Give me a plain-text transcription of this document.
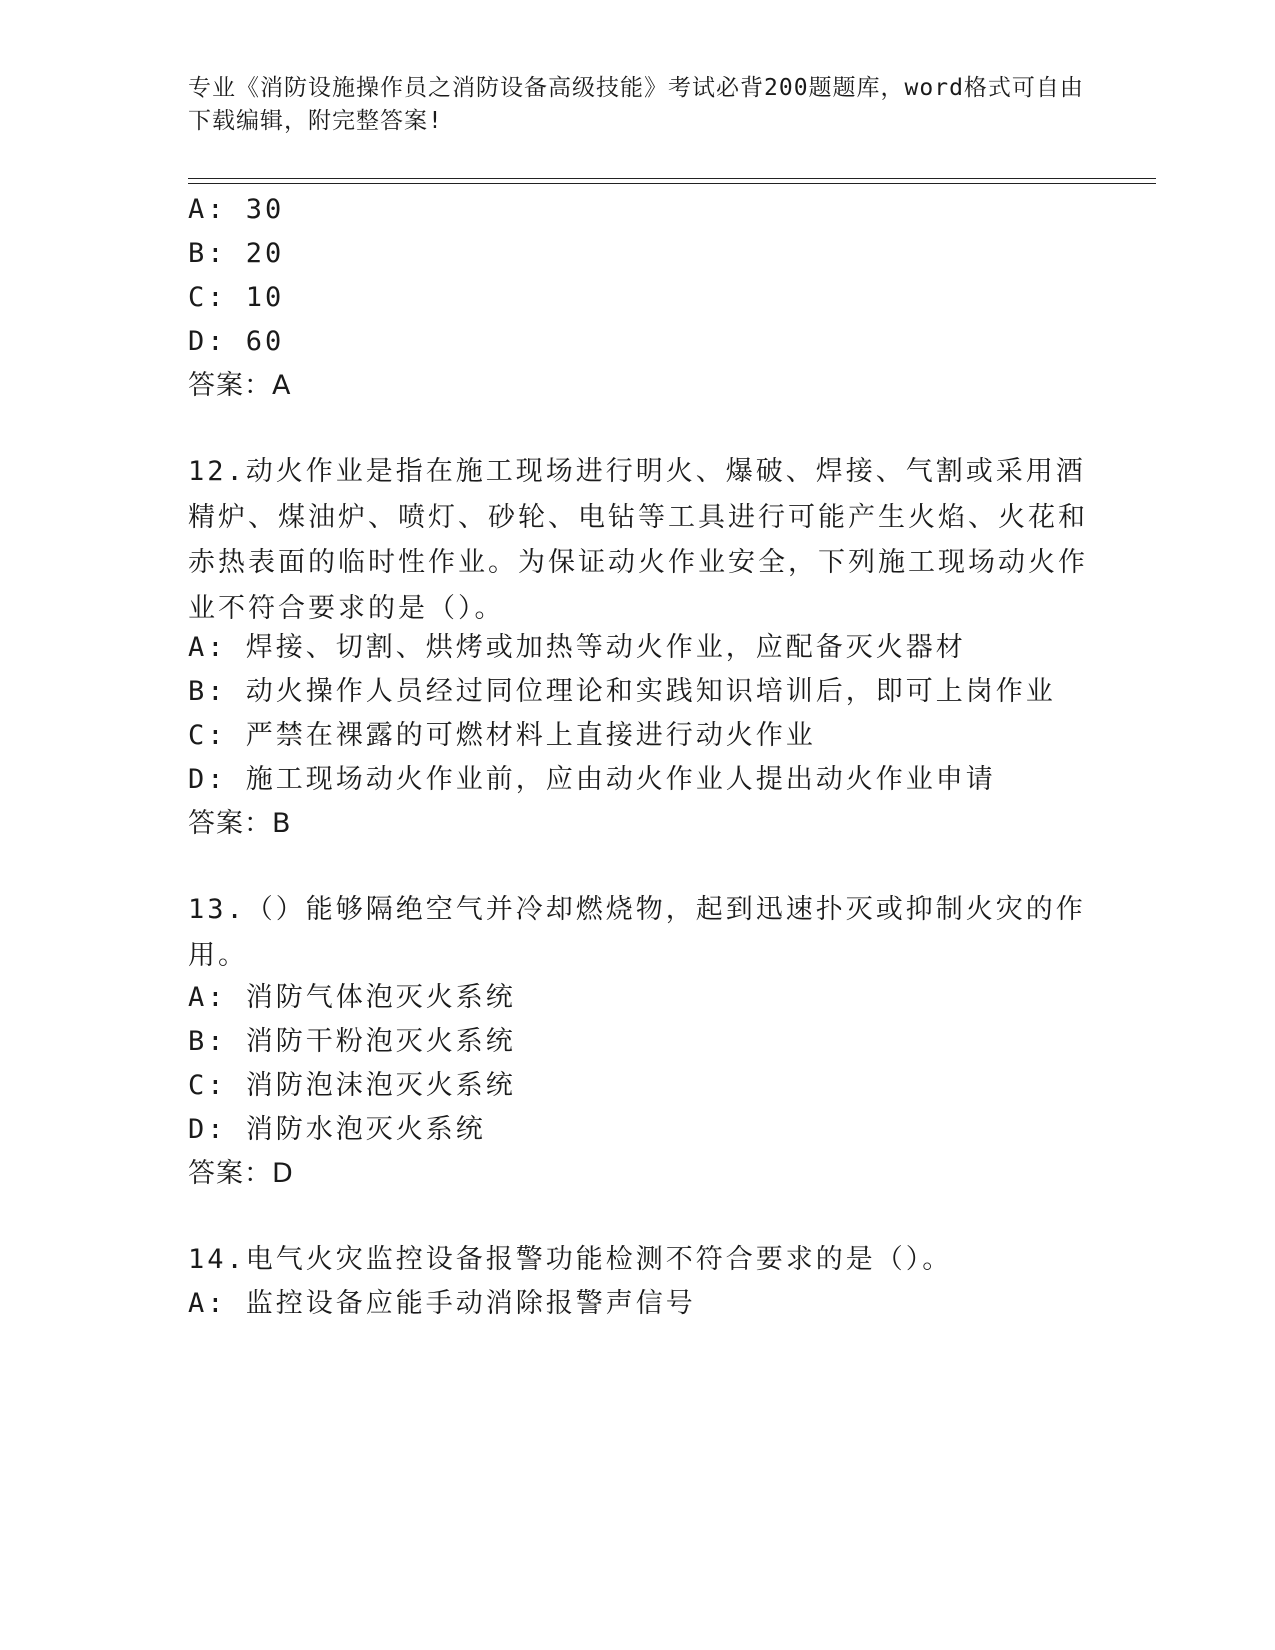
专业《消防设施操作员之消防设备高级技能》考试必背200题题库，word格式可自由下载编辑，附完整答案!
A: 30
B: 20
C: 10
D: 60
答案：A
12.动火作业是指在施工现场进行明火、爆破、焊接、气割或采用酒精炉、煤油炉、喷灯、砂轮、电钻等工具进行可能产生火焰、火花和赤热表面的临时性作业。为保证动火作业安全，下列施工现场动火作业不符合要求的是（）。
A: 焊接、切割、烘烤或加热等动火作业，应配备灭火器材
B: 动火操作人员经过同位理论和实践知识培训后，即可上岗作业
C: 严禁在裸露的可燃材料上直接进行动火作业
D: 施工现场动火作业前，应由动火作业人提出动火作业申请
答案：B
13.（）能够隔绝空气并冷却燃烧物，起到迅速扑灭或抑制火灾的作用。
A: 消防气体泡灭火系统
B: 消防干粉泡灭火系统
C: 消防泡沫泡灭火系统
D: 消防水泡灭火系统
答案：D
14.电气火灾监控设备报警功能检测不符合要求的是（）。
A: 监控设备应能手动消除报警声信号
